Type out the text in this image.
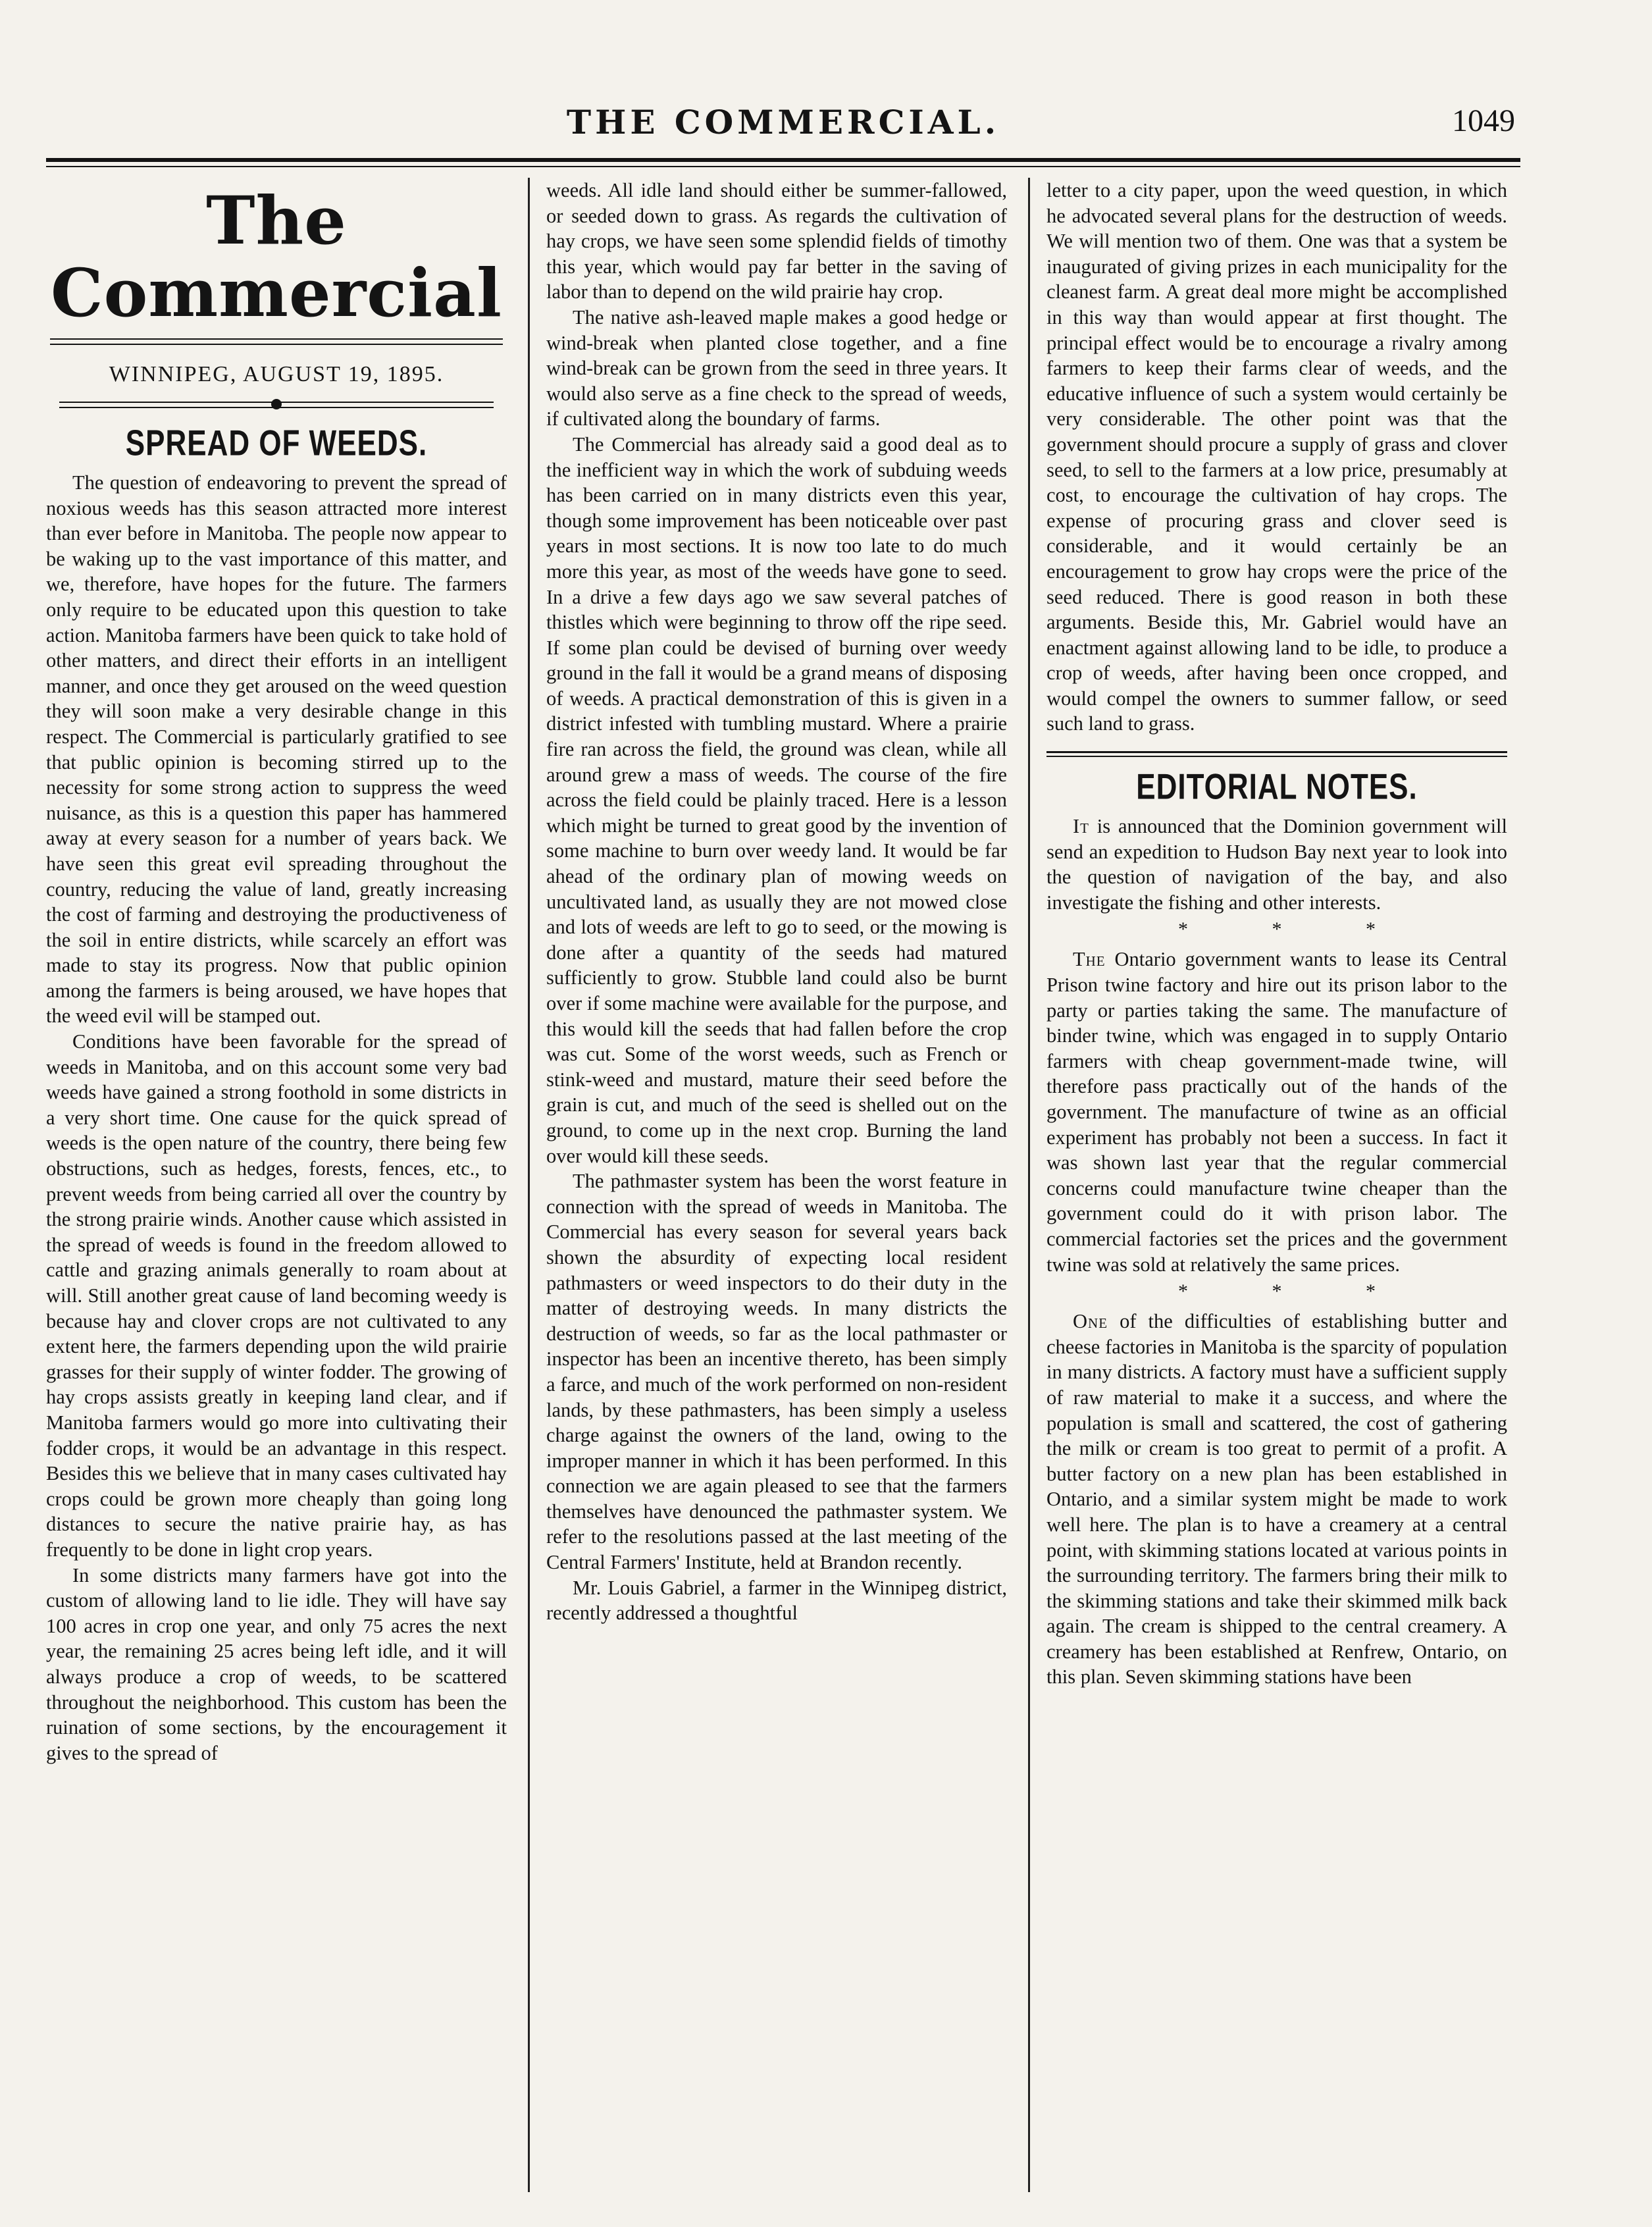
THE COMMERCIAL.	1049
The Commercial
WINNIPEG, AUGUST 19, 1895.
SPREAD OF WEEDS.

The question of endeavoring to prevent the spread of noxious weeds has this season attracted more interest than ever before in Manitoba. The people now appear to be waking up to the vast importance of this matter, and we, therefore, have hopes for the future. The farmers only require to be educated upon this question to take action. Manitoba farmers have been quick to take hold of other matters, and direct their efforts in an intelligent manner, and once they get aroused on the weed question they will soon make a very desirable change in this respect. The Commercial is particularly gratified to see that public opinion is becoming stirred up to the necessity for some strong action to suppress the weed nuisance, as this is a question this paper has hammered away at every season for a number of years back. We have seen this great evil spreading throughout the country, reducing the value of land, greatly increasing the cost of farming and destroying the productiveness of the soil in entire districts, while scarcely an effort was made to stay its progress. Now that public opinion among the farmers is being aroused, we have hopes that the weed evil will be stamped out.

Conditions have been favorable for the spread of weeds in Manitoba, and on this account some very bad weeds have gained a strong foothold in some districts in a very short time. One cause for the quick spread of weeds is the open nature of the country, there being few obstructions, such as hedges, forests, fences, etc., to prevent weeds from being carried all over the country by the strong prairie winds. Another cause which assisted in the spread of weeds is found in the freedom allowed to cattle and grazing animals generally to roam about at will. Still another great cause of land becoming weedy is because hay and clover crops are not cultivated to any extent here, the farmers depending upon the wild prairie grasses for their supply of winter fodder. The growing of hay crops assists greatly in keeping land clear, and if Manitoba farmers would go more into cultivating their fodder crops, it would be an advantage in this respect. Besides this we believe that in many cases cultivated hay crops could be grown more cheaply than going long distances to secure the native prairie hay, as has frequently to be done in light crop years.

In some districts many farmers have got into the custom of allowing land to lie idle. They will have say 100 acres in crop one year, and only 75 acres the next year, the remaining 25 acres being left idle, and it will always produce a crop of weeds, to be scattered throughout the neighborhood. This custom has been the ruination of some sections, by the encouragement it gives to the spread of

weeds. All idle land should either be summer-fallowed, or seeded down to grass. As regards the cultivation of hay crops, we have seen some splendid fields of timothy this year, which would pay far better in the saving of labor than to depend on the wild prairie hay crop.

The native ash-leaved maple makes a good hedge or wind-break when planted close together, and a fine wind-break can be grown from the seed in three years. It would also serve as a fine check to the spread of weeds, if cultivated along the boundary of farms.

The Commercial has already said a good deal as to the inefficient way in which the work of subduing weeds has been carried on in many districts even this year, though some improvement has been noticeable over past years in most sections. It is now too late to do much more this year, as most of the weeds have gone to seed. In a drive a few days ago we saw several patches of thistles which were beginning to throw off the ripe seed. If some plan could be devised of burning over weedy ground in the fall it would be a grand means of disposing of weeds. A practical demonstration of this is given in a district infested with tumbling mustard. Where a prairie fire ran across the field, the ground was clean, while all around grew a mass of weeds. The course of the fire across the field could be plainly traced. Here is a lesson which might be turned to great good by the invention of some machine to burn over weedy land. It would be far ahead of the ordinary plan of mowing weeds on uncultivated land, as usually they are not mowed close and lots of weeds are left to go to seed, or the mowing is done after a quantity of the seeds had matured sufficiently to grow. Stubble land could also be burnt over if some machine were available for the purpose, and this would kill the seeds that had fallen before the crop was cut. Some of the worst weeds, such as French or stink-weed and mustard, mature their seed before the grain is cut, and much of the seed is shelled out on the ground, to come up in the next crop. Burning the land over would kill these seeds.

The pathmaster system has been the worst feature in connection with the spread of weeds in Manitoba. The Commercial has every season for several years back shown the absurdity of expecting local resident pathmasters or weed inspectors to do their duty in the matter of destroying weeds. In many districts the destruction of weeds, so far as the local pathmaster or inspector has been an incentive thereto, has been simply a farce, and much of the work performed on non-resident lands, by these pathmasters, has been simply a useless charge against the owners of the land, owing to the improper manner in which it has been performed. In this connection we are again pleased to see that the farmers themselves have denounced the pathmaster system. We refer to the resolutions passed at the last meeting of the Central Farmers' Institute, held at Brandon recently.

Mr. Louis Gabriel, a farmer in the Winnipeg district, recently addressed a thoughtful

letter to a city paper, upon the weed question, in which he advocated several plans for the destruction of weeds. We will mention two of them. One was that a system be inaugurated of giving prizes in each municipality for the cleanest farm. A great deal more might be accomplished in this way than would appear at first thought. The principal effect would be to encourage a rivalry among farmers to keep their farms clear of weeds, and the educative influence of such a system would certainly be very considerable. The other point was that the government should procure a supply of grass and clover seed, to sell to the farmers at a low price, presumably at cost, to encourage the cultivation of hay crops. The expense of procuring grass and clover seed is considerable, and it would certainly be an encouragement to grow hay crops were the price of the seed reduced. There is good reason in both these arguments. Beside this, Mr. Gabriel would have an enactment against allowing land to be idle, to produce a crop of weeds, after having been once cropped, and would compel the owners to summer fallow, or seed such land to grass.

EDITORIAL NOTES.

It is announced that the Dominion government will send an expedition to Hudson Bay next year to look into the question of navigation of the bay, and also investigate the fishing and other interests.

* * *

The Ontario government wants to lease its Central Prison twine factory and hire out its prison labor to the party or parties taking the same. The manufacture of binder twine, which was engaged in to supply Ontario farmers with cheap government-made twine, will therefore pass practically out of the hands of the government. The manufacture of twine as an official experiment has probably not been a success. In fact it was shown last year that the regular commercial concerns could manufacture twine cheaper than the government could do it with prison labor. The commercial factories set the prices and the government twine was sold at relatively the same prices.

* * *

One of the difficulties of establishing butter and cheese factories in Manitoba is the sparcity of population in many districts. A factory must have a sufficient supply of raw material to make it a success, and where the population is small and scattered, the cost of gathering the milk or cream is too great to permit of a profit. A butter factory on a new plan has been established in Ontario, and a similar system might be made to work well here. The plan is to have a creamery at a central point, with skimming stations located at various points in the surrounding territory. The farmers bring their milk to the skimming stations and take their skimmed milk back again. The cream is shipped to the central creamery. A creamery has been established at Renfrew, Ontario, on this plan. Seven skimming stations have been
